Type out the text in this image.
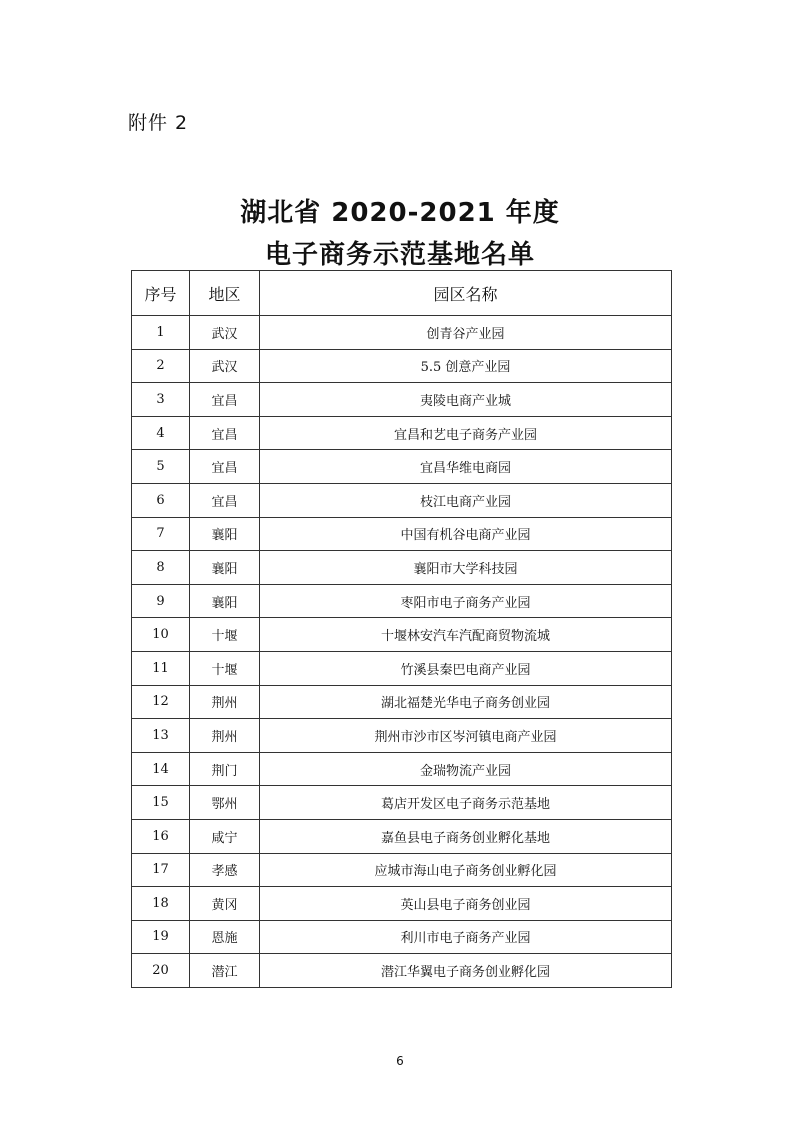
附件 2
湖北省 2020-2021 年度
电子商务示范基地名单
序号	地区	园区名称
1	武汉	创青谷产业园
2	武汉	5.5 创意产业园
3	宜昌	夷陵电商产业城
4	宜昌	宜昌和艺电子商务产业园
5	宜昌	宜昌华维电商园
6	宜昌	枝江电商产业园
7	襄阳	中国有机谷电商产业园
8	襄阳	襄阳市大学科技园
9	襄阳	枣阳市电子商务产业园
10	十堰	十堰林安汽车汽配商贸物流城
11	十堰	竹溪县秦巴电商产业园
12	荆州	湖北福楚光华电子商务创业园
13	荆州	荆州市沙市区岑河镇电商产业园
14	荆门	金瑞物流产业园
15	鄂州	葛店开发区电子商务示范基地
16	咸宁	嘉鱼县电子商务创业孵化基地
17	孝感	应城市海山电子商务创业孵化园
18	黄冈	英山县电子商务创业园
19	恩施	利川市电子商务产业园
20	潜江	潜江华翼电子商务创业孵化园
6
